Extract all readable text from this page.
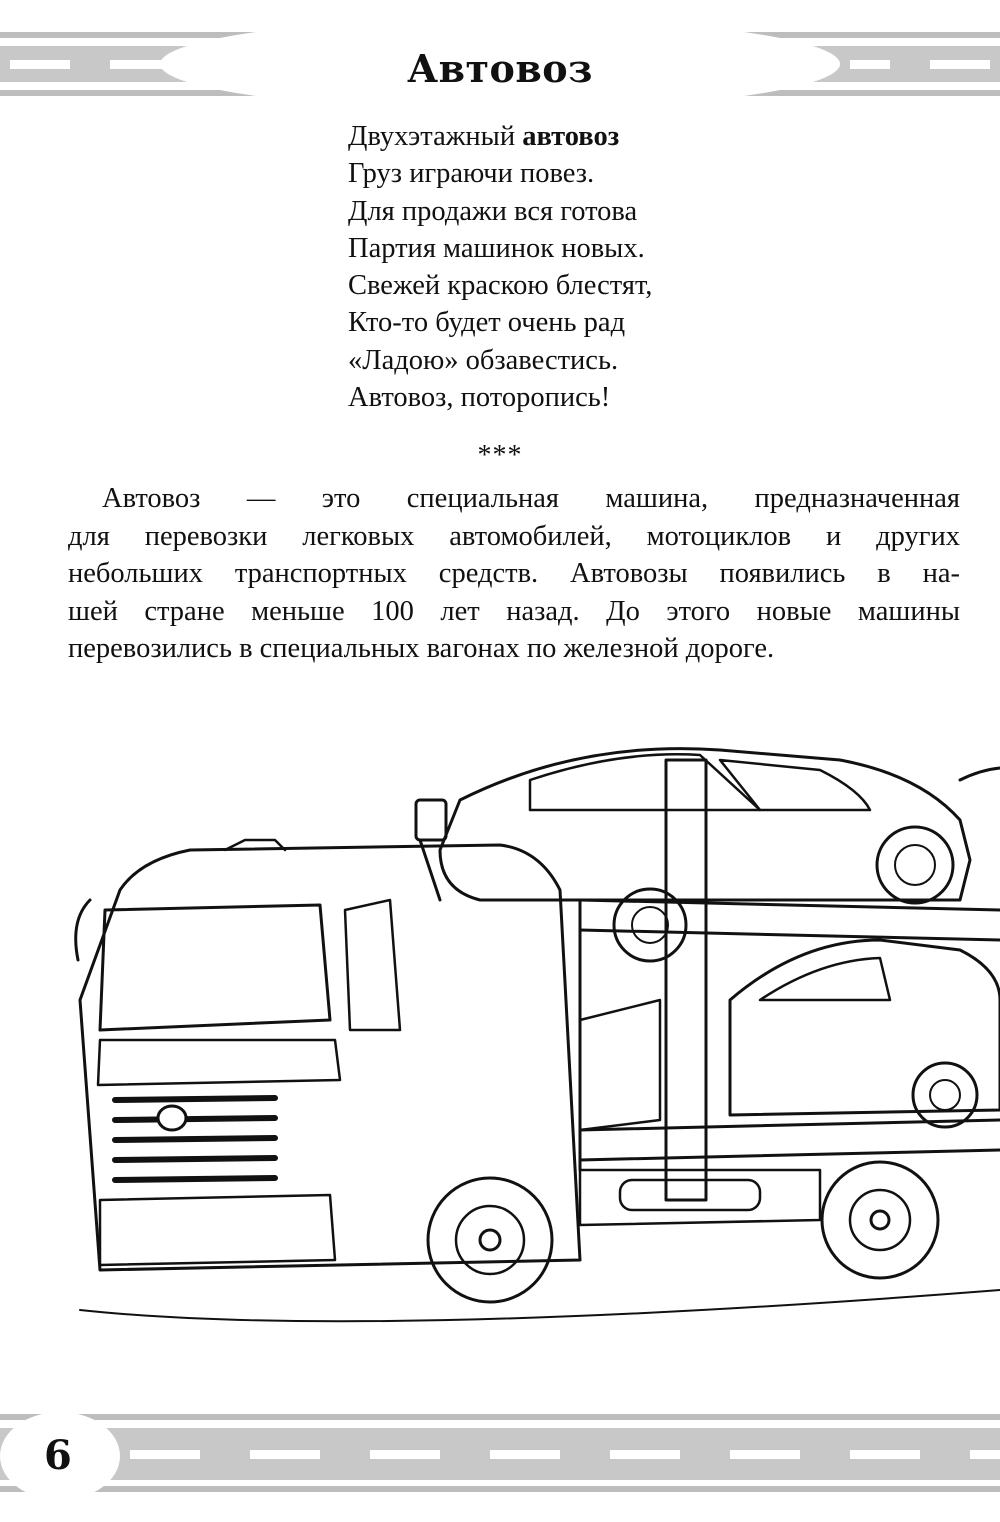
Автовоз
Двухэтажный автовоз
Груз играючи повез.
Для продажи вся готова
Партия машинок новых.
Свежей краскою блестят,
Кто-то будет очень рад
«Ладою» обзавестись.
Автовоз, поторопись!
***
Автовоз — это специальная машина, предназначенная
для перевозки легковых автомобилей, мотоциклов и других
небольших транспортных средств. Автовозы появились в на-
шей стране меньше 100 лет назад. До этого новые машины
перевозились в специальных вагонах по железной дороге.
6
